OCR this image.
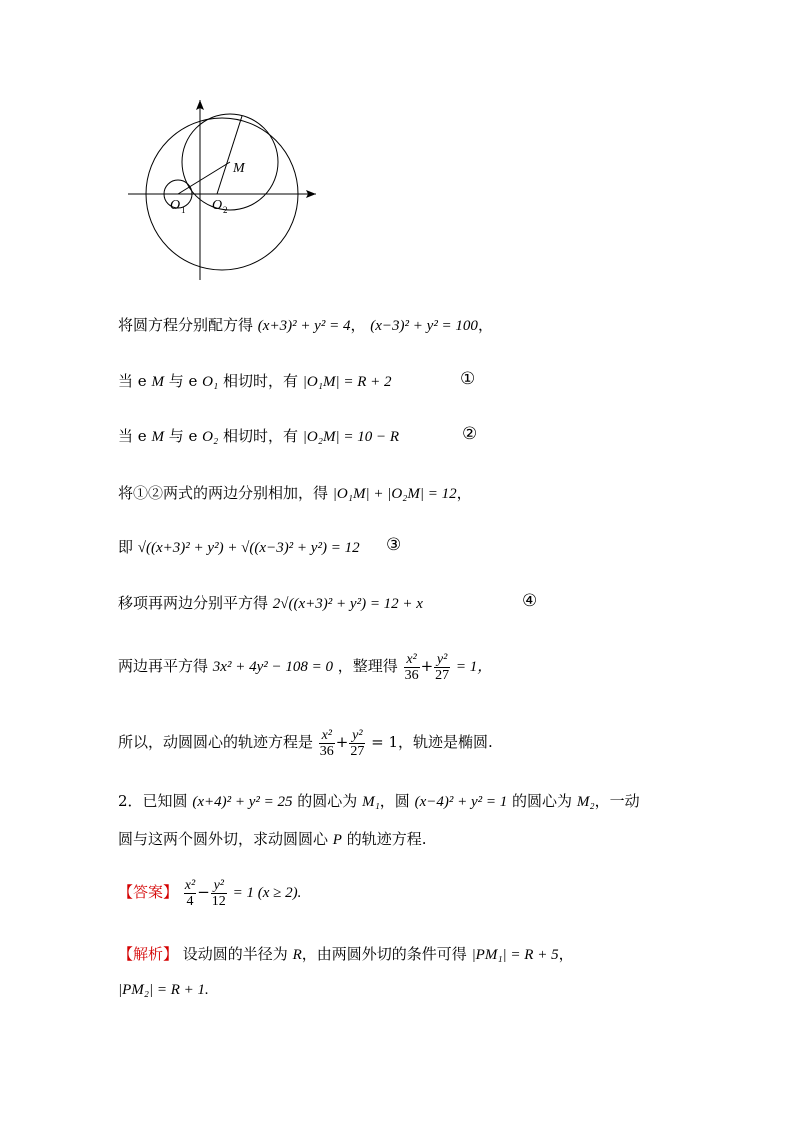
M
O 1 O 2
将圆方程分别配方得 (x+3)² + y² = 4， (x−3)² + y² = 100，
当 e M 与 e O₁ 相切时，有 |O₁M| = R + 2	①
当 e M 与 e O₂ 相切时，有 |O₂M| = 10 − R	②
将①②两式的两边分别相加，得 |O₁M| + |O₂M| = 12，
即 √((x+3)² + y²) + √((x−3)² + y²) = 12 ③
移项再两边分别平方得 2√((x+3)² + y²) = 12 + x	④
两边再平方得 3x² + 4y² − 108 = 0 ，整理得 $\frac{\text{x²}}{36} + \frac{\text{y²}}{27} = 1$，
所以，动圆圆心的轨迹方程是 $\frac{\text{x²}}{36} + \frac{\text{y²}}{27} = 1$，轨迹是椭圆.
2．已知圆 (x+4)² + y² = 25 的圆心为 M₁，圆 (x−4)² + y² = 1 的圆心为 M₂，一动
圆与这两个圆外切，求动圆圆心 P 的轨迹方程.
【答案】 $\frac{\text{x²}}{4} - \frac{\text{y²}}{12} = 1$ (x ≥ 2).
【解析】 设动圆的半径为 R，由两圆外切的条件可得 |PM₁| = R + 5，
|PM₂| = R + 1.
